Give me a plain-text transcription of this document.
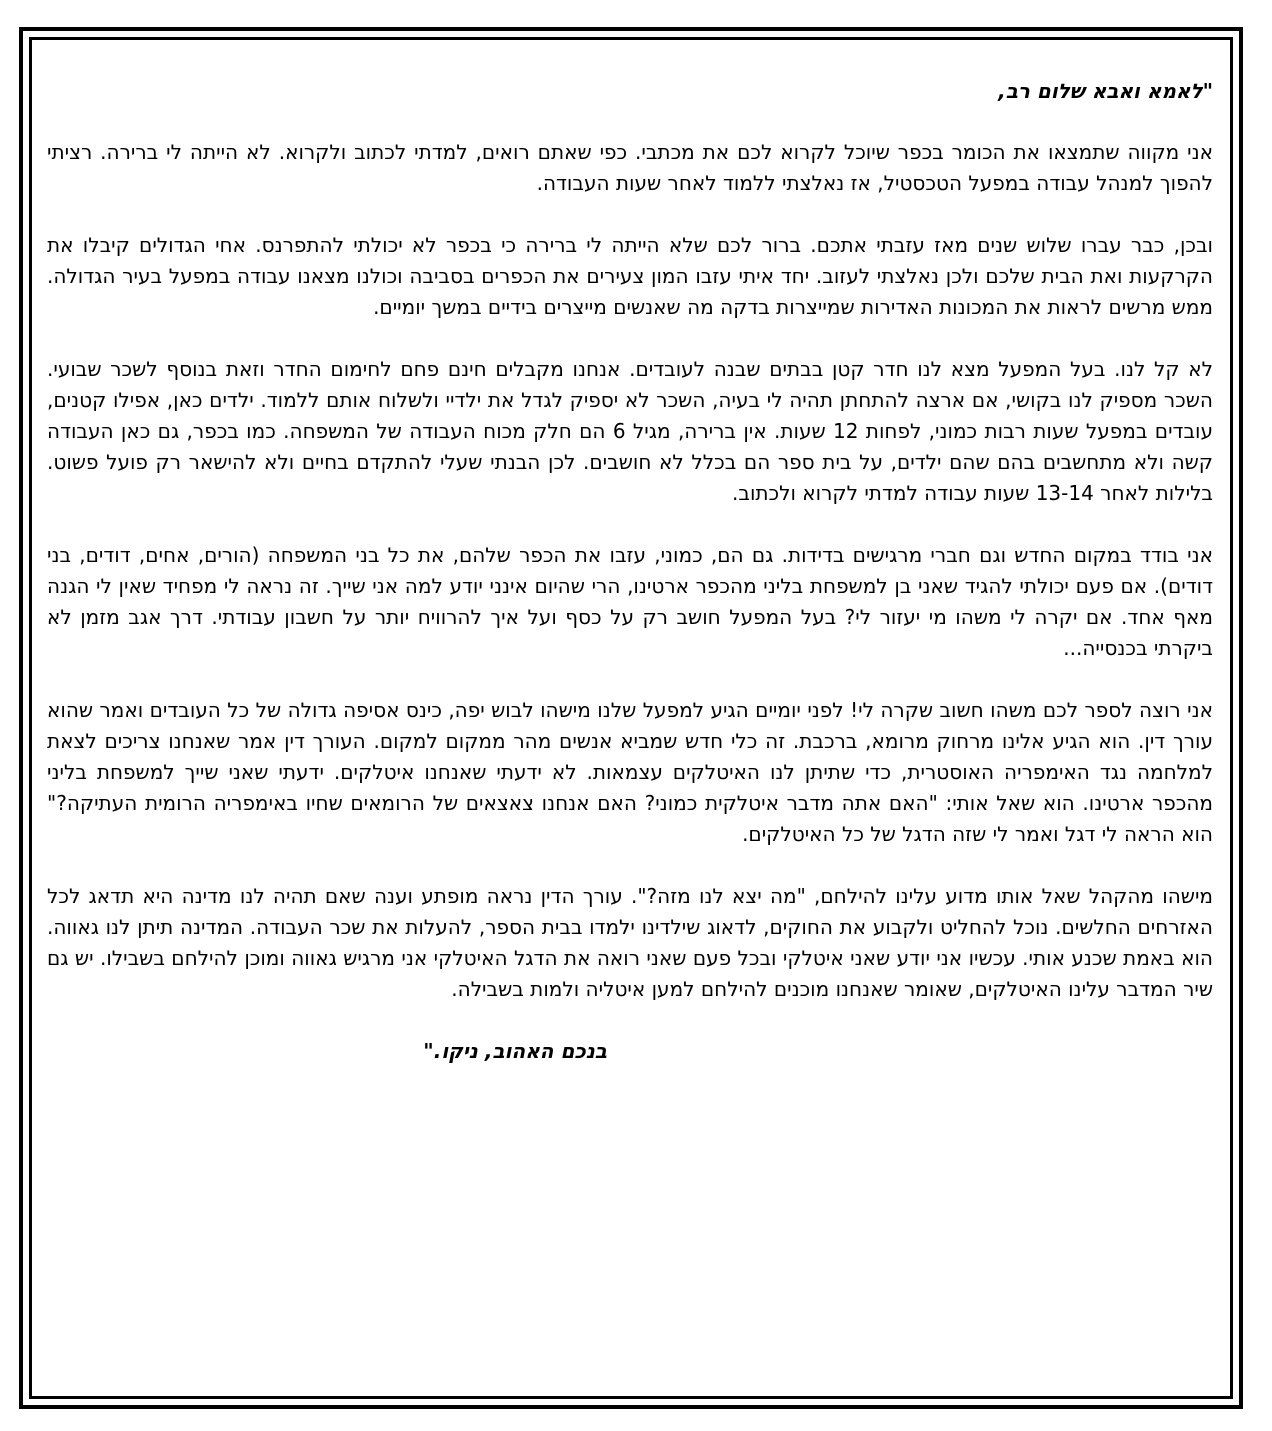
"לאמא ואבא שלום רב,

אני מקווה שתמצאו את הכומר בכפר שיוכל לקרוא לכם את מכתבי. כפי שאתם רואים, למדתי לכתוב ולקרוא. לא הייתה לי ברירה. רציתי להפוך למנהל עבודה במפעל הטכסטיל, אז נאלצתי ללמוד לאחר שעות העבודה.

ובכן, כבר עברו שלוש שנים מאז עזבתי אתכם. ברור לכם שלא הייתה לי ברירה כי בכפר לא יכולתי להתפרנס. אחי הגדולים קיבלו את הקרקעות ואת הבית שלכם ולכן נאלצתי לעזוב. יחד איתי עזבו המון צעירים את הכפרים בסביבה וכולנו מצאנו עבודה במפעל בעיר הגדולה. ממש מרשים לראות את המכונות האדירות שמייצרות בדקה מה שאנשים מייצרים בידיים במשך יומיים.

לא קל לנו. בעל המפעל מצא לנו חדר קטן בבתים שבנה לעובדים. אנחנו מקבלים חינם פחם לחימום החדר וזאת בנוסף לשכר שבועי. השכר מספיק לנו בקושי, אם ארצה להתחתן תהיה לי בעיה, השכר לא יספיק לגדל את ילדיי ולשלוח אותם ללמוד. ילדים כאן, אפילו קטנים, עובדים במפעל שעות רבות כמוני, לפחות 12 שעות. אין ברירה, מגיל 6 הם חלק מכוח העבודה של המשפחה. כמו בכפר, גם כאן העבודה קשה ולא מתחשבים בהם שהם ילדים, על בית ספר הם בכלל לא חושבים. לכן הבנתי שעלי להתקדם בחיים ולא להישאר רק פועל פשוט. בלילות לאחר 13-14 שעות עבודה למדתי לקרוא ולכתוב.

אני בודד במקום החדש וגם חברי מרגישים בדידות. גם הם, כמוני, עזבו את הכפר שלהם, את כל בני המשפחה (הורים, אחים, דודים, בני דודים). אם פעם יכולתי להגיד שאני בן למשפחת בליני מהכפר ארטינו, הרי שהיום אינני יודע למה אני שייך. זה נראה לי מפחיד שאין לי הגנה מאף אחד. אם יקרה לי משהו מי יעזור לי? בעל המפעל חושב רק על כסף ועל איך להרוויח יותר על חשבון עבודתי. דרך אגב מזמן לא ביקרתי בכנסייה...

אני רוצה לספר לכם משהו חשוב שקרה לי! לפני יומיים הגיע למפעל שלנו מישהו לבוש יפה, כינס אסיפה גדולה של כל העובדים ואמר שהוא עורך דין. הוא הגיע אלינו מרחוק מרומא, ברכבת. זה כלי חדש שמביא אנשים מהר ממקום למקום. העורך דין אמר שאנחנו צריכים לצאת למלחמה נגד האימפריה האוסטרית, כדי שתיתן לנו האיטלקים עצמאות. לא ידעתי שאנחנו איטלקים. ידעתי שאני שייך למשפחת בליני מהכפר ארטינו. הוא שאל אותי: "האם אתה מדבר איטלקית כמוני? האם אנחנו צאצאים של הרומאים שחיו באימפריה הרומית העתיקה?" הוא הראה לי דגל ואמר לי שזה הדגל של כל האיטלקים.

מישהו מהקהל שאל אותו מדוע עלינו להילחם, "מה יצא לנו מזה?". עורך הדין נראה מופתע וענה שאם תהיה לנו מדינה היא תדאג לכל האזרחים החלשים. נוכל להחליט ולקבוע את החוקים, לדאוג שילדינו ילמדו בבית הספר, להעלות את שכר העבודה. המדינה תיתן לנו גאווה. הוא באמת שכנע אותי. עכשיו אני יודע שאני איטלקי ובכל פעם שאני רואה את הדגל האיטלקי אני מרגיש גאווה ומוכן להילחם בשבילו. יש גם שיר המדבר עלינו האיטלקים, שאומר שאנחנו מוכנים להילחם למען איטליה ולמות בשבילה.

בנכם האהוב, ניקו."
